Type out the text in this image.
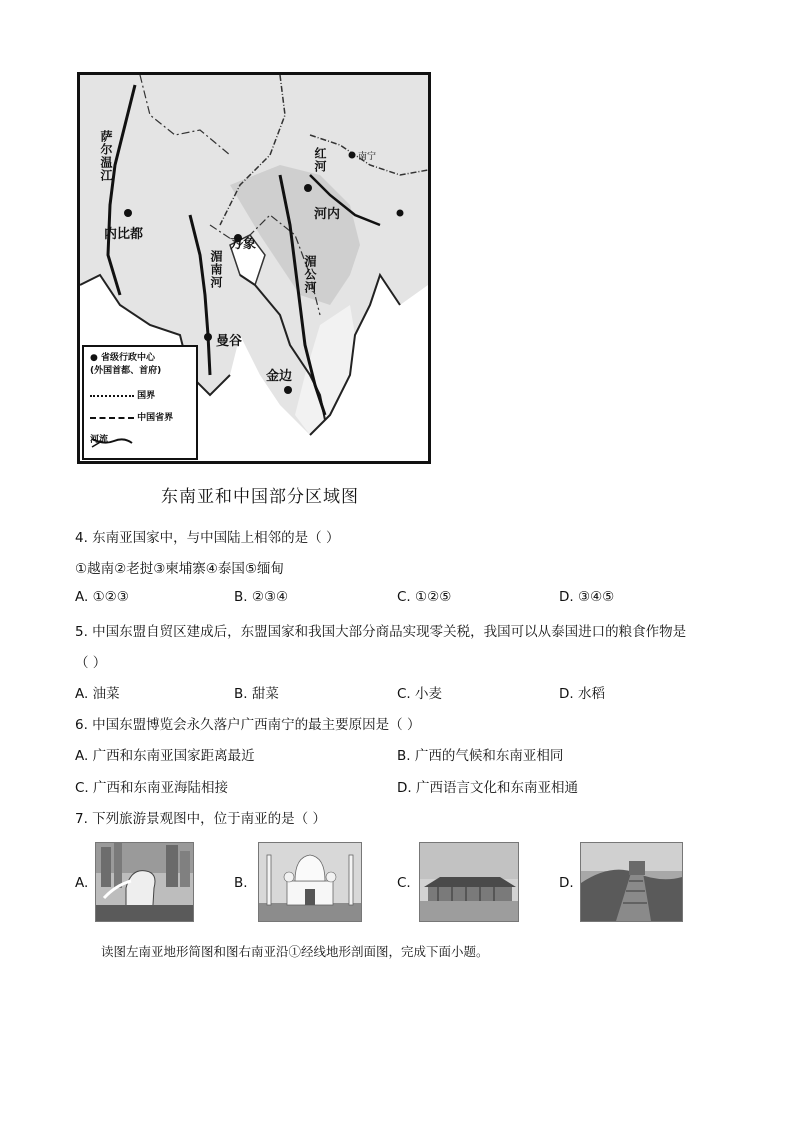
内比都
万象
河内
曼谷
金边
南宁
萨尔温江
湄南河	湄公河
红河
● 省级行政中心
(外国首都、首府)
国界
中国省界
河流
东南亚和中国部分区域图
4. 东南亚国家中，与中国陆上相邻的是（ ）
①越南②老挝③柬埔寨④泰国⑤缅甸
A. ①②③	B. ②③④	C. ①②⑤	D. ③④⑤
5. 中国东盟自贸区建成后，东盟国家和我国大部分商品实现零关税，我国可以从泰国进口的粮食作物是
（ ）
A. 油菜	B. 甜菜	C. 小麦	D. 水稻
6. 中国东盟博览会永久落户广西南宁的最主要原因是（ ）
A. 广西和东南亚国家距离最近	B. 广西的气候和东南亚相同
C. 广西和东南亚海陆相接	D. 广西语言文化和东南亚相通
7. 下列旅游景观图中，位于南亚的是（ ）
A.	B.	C.	D.
读图左南亚地形简图和图右南亚沿①经线地形剖面图，完成下面小题。
